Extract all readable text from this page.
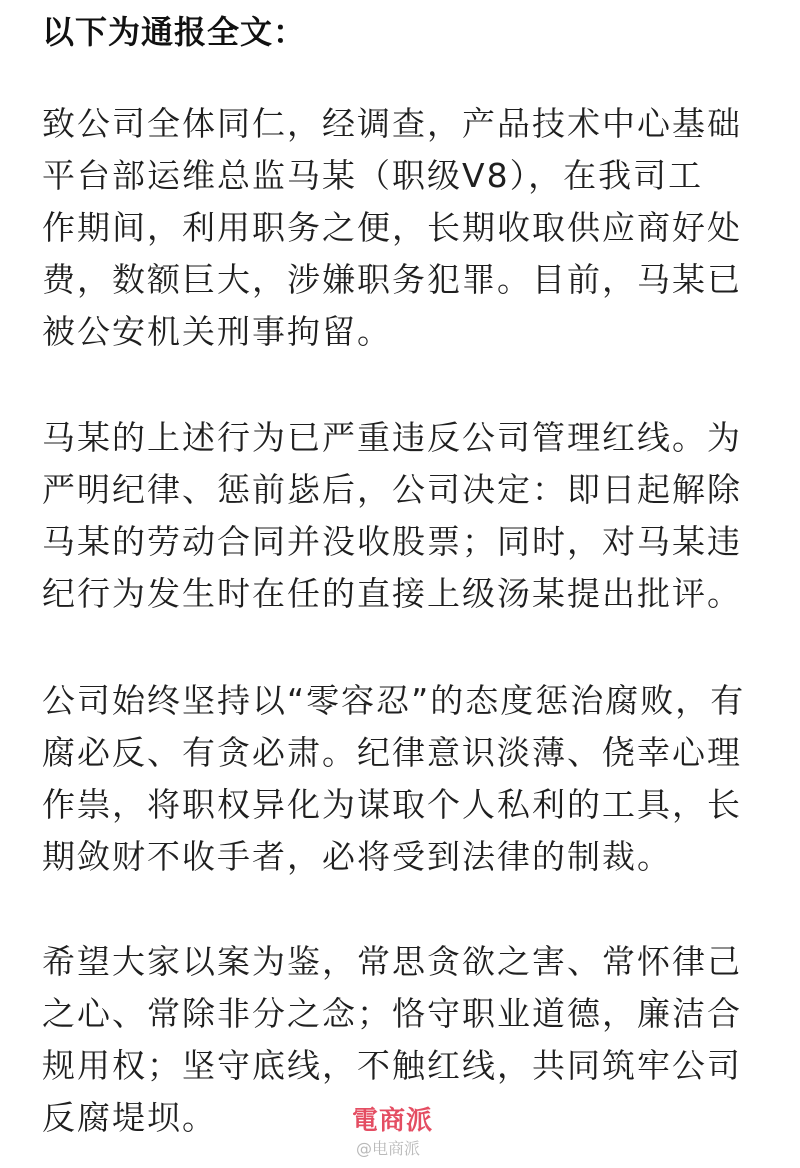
以下为通报全文：
致公司全体同仁，经调查，产品技术中心基础
平台部运维总监马某（职级V8），在我司工
作期间，利用职务之便，长期收取供应商好处
费，数额巨大，涉嫌职务犯罪。目前，马某已
被公安机关刑事拘留。
马某的上述行为已严重违反公司管理红线。为
严明纪律、惩前毖后，公司决定：即日起解除
马某的劳动合同并没收股票；同时，对马某违
纪行为发生时在任的直接上级汤某提出批评。
公司始终坚持以“零容忍”的态度惩治腐败，有
腐必反、有贪必肃。纪律意识淡薄、侥幸心理
作祟，将职权异化为谋取个人私利的工具，长
期敛财不收手者，必将受到法律的制裁。
希望大家以案为鉴，常思贪欲之害、常怀律己
之心、常除非分之念；恪守职业道德，廉洁合
规用权；坚守底线，不触红线，共同筑牢公司
反腐堤坝。	電商派
@电商派
